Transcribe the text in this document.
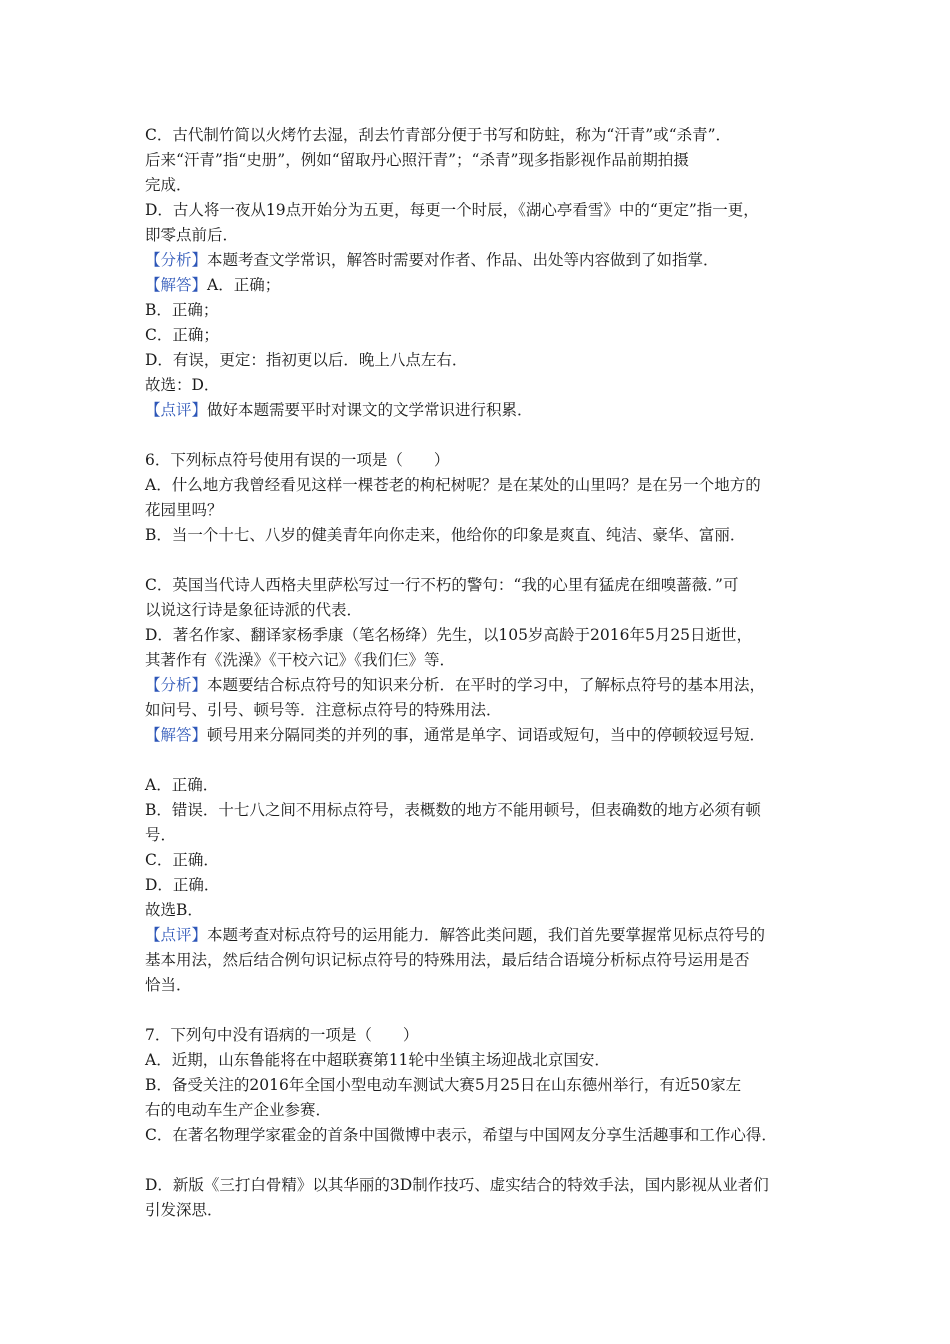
C．古代制竹简以火烤竹去湿，刮去竹青部分便于书写和防蛀，称为“汗青”或“杀青”．
后来“汗青”指“史册”，例如“留取丹心照汗青”；“杀青”现多指影视作品前期拍摄
完成．
D．古人将一夜从19点开始分为五更，每更一个时辰，《湖心亭看雪》中的“更定”指一更，
即零点前后．
【分析】本题考查文学常识，解答时需要对作者、作品、出处等内容做到了如指掌．
【解答】A．正确；
B．正确；
C．正确；
D．有误，更定：指初更以后．晚上八点左右．
故选：D．
【点评】做好本题需要平时对课文的文学常识进行积累．
6．下列标点符号使用有误的一项是（　　）
A．什么地方我曾经看见这样一棵苍老的枸杞树呢？是在某处的山里吗？是在另一个地方的
花园里吗？
B．当一个十七、八岁的健美青年向你走来，他给你的印象是爽直、纯洁、豪华、富丽．
C．英国当代诗人西格夫里萨松写过一行不朽的警句：“我的心里有猛虎在细嗅蔷薇．”可
以说这行诗是象征诗派的代表．
D．著名作家、翻译家杨季康（笔名杨绛）先生，以105岁高龄于2016年5月25日逝世，
其著作有《洗澡》《干校六记》《我们仨》等．
【分析】本题要结合标点符号的知识来分析．在平时的学习中，了解标点符号的基本用法，
如问号、引号、顿号等．注意标点符号的特殊用法．
【解答】顿号用来分隔同类的并列的事，通常是单字、词语或短句，当中的停顿较逗号短．
A．正确．
B．错误．十七八之间不用标点符号，表概数的地方不能用顿号，但表确数的地方必须有顿
号．
C．正确．
D．正确．
故选B．
【点评】本题考查对标点符号的运用能力．解答此类问题，我们首先要掌握常见标点符号的
基本用法，然后结合例句识记标点符号的特殊用法，最后结合语境分析标点符号运用是否
恰当．
7．下列句中没有语病的一项是（　　）
A．近期，山东鲁能将在中超联赛第11轮中坐镇主场迎战北京国安．
B．备受关注的2016年全国小型电动车测试大赛5月25日在山东德州举行，有近50家左
右的电动车生产企业参赛．
C．在著名物理学家霍金的首条中国微博中表示，希望与中国网友分享生活趣事和工作心得．
D．新版《三打白骨精》以其华丽的3D制作技巧、虚实结合的特效手法，国内影视从业者们
引发深思．
